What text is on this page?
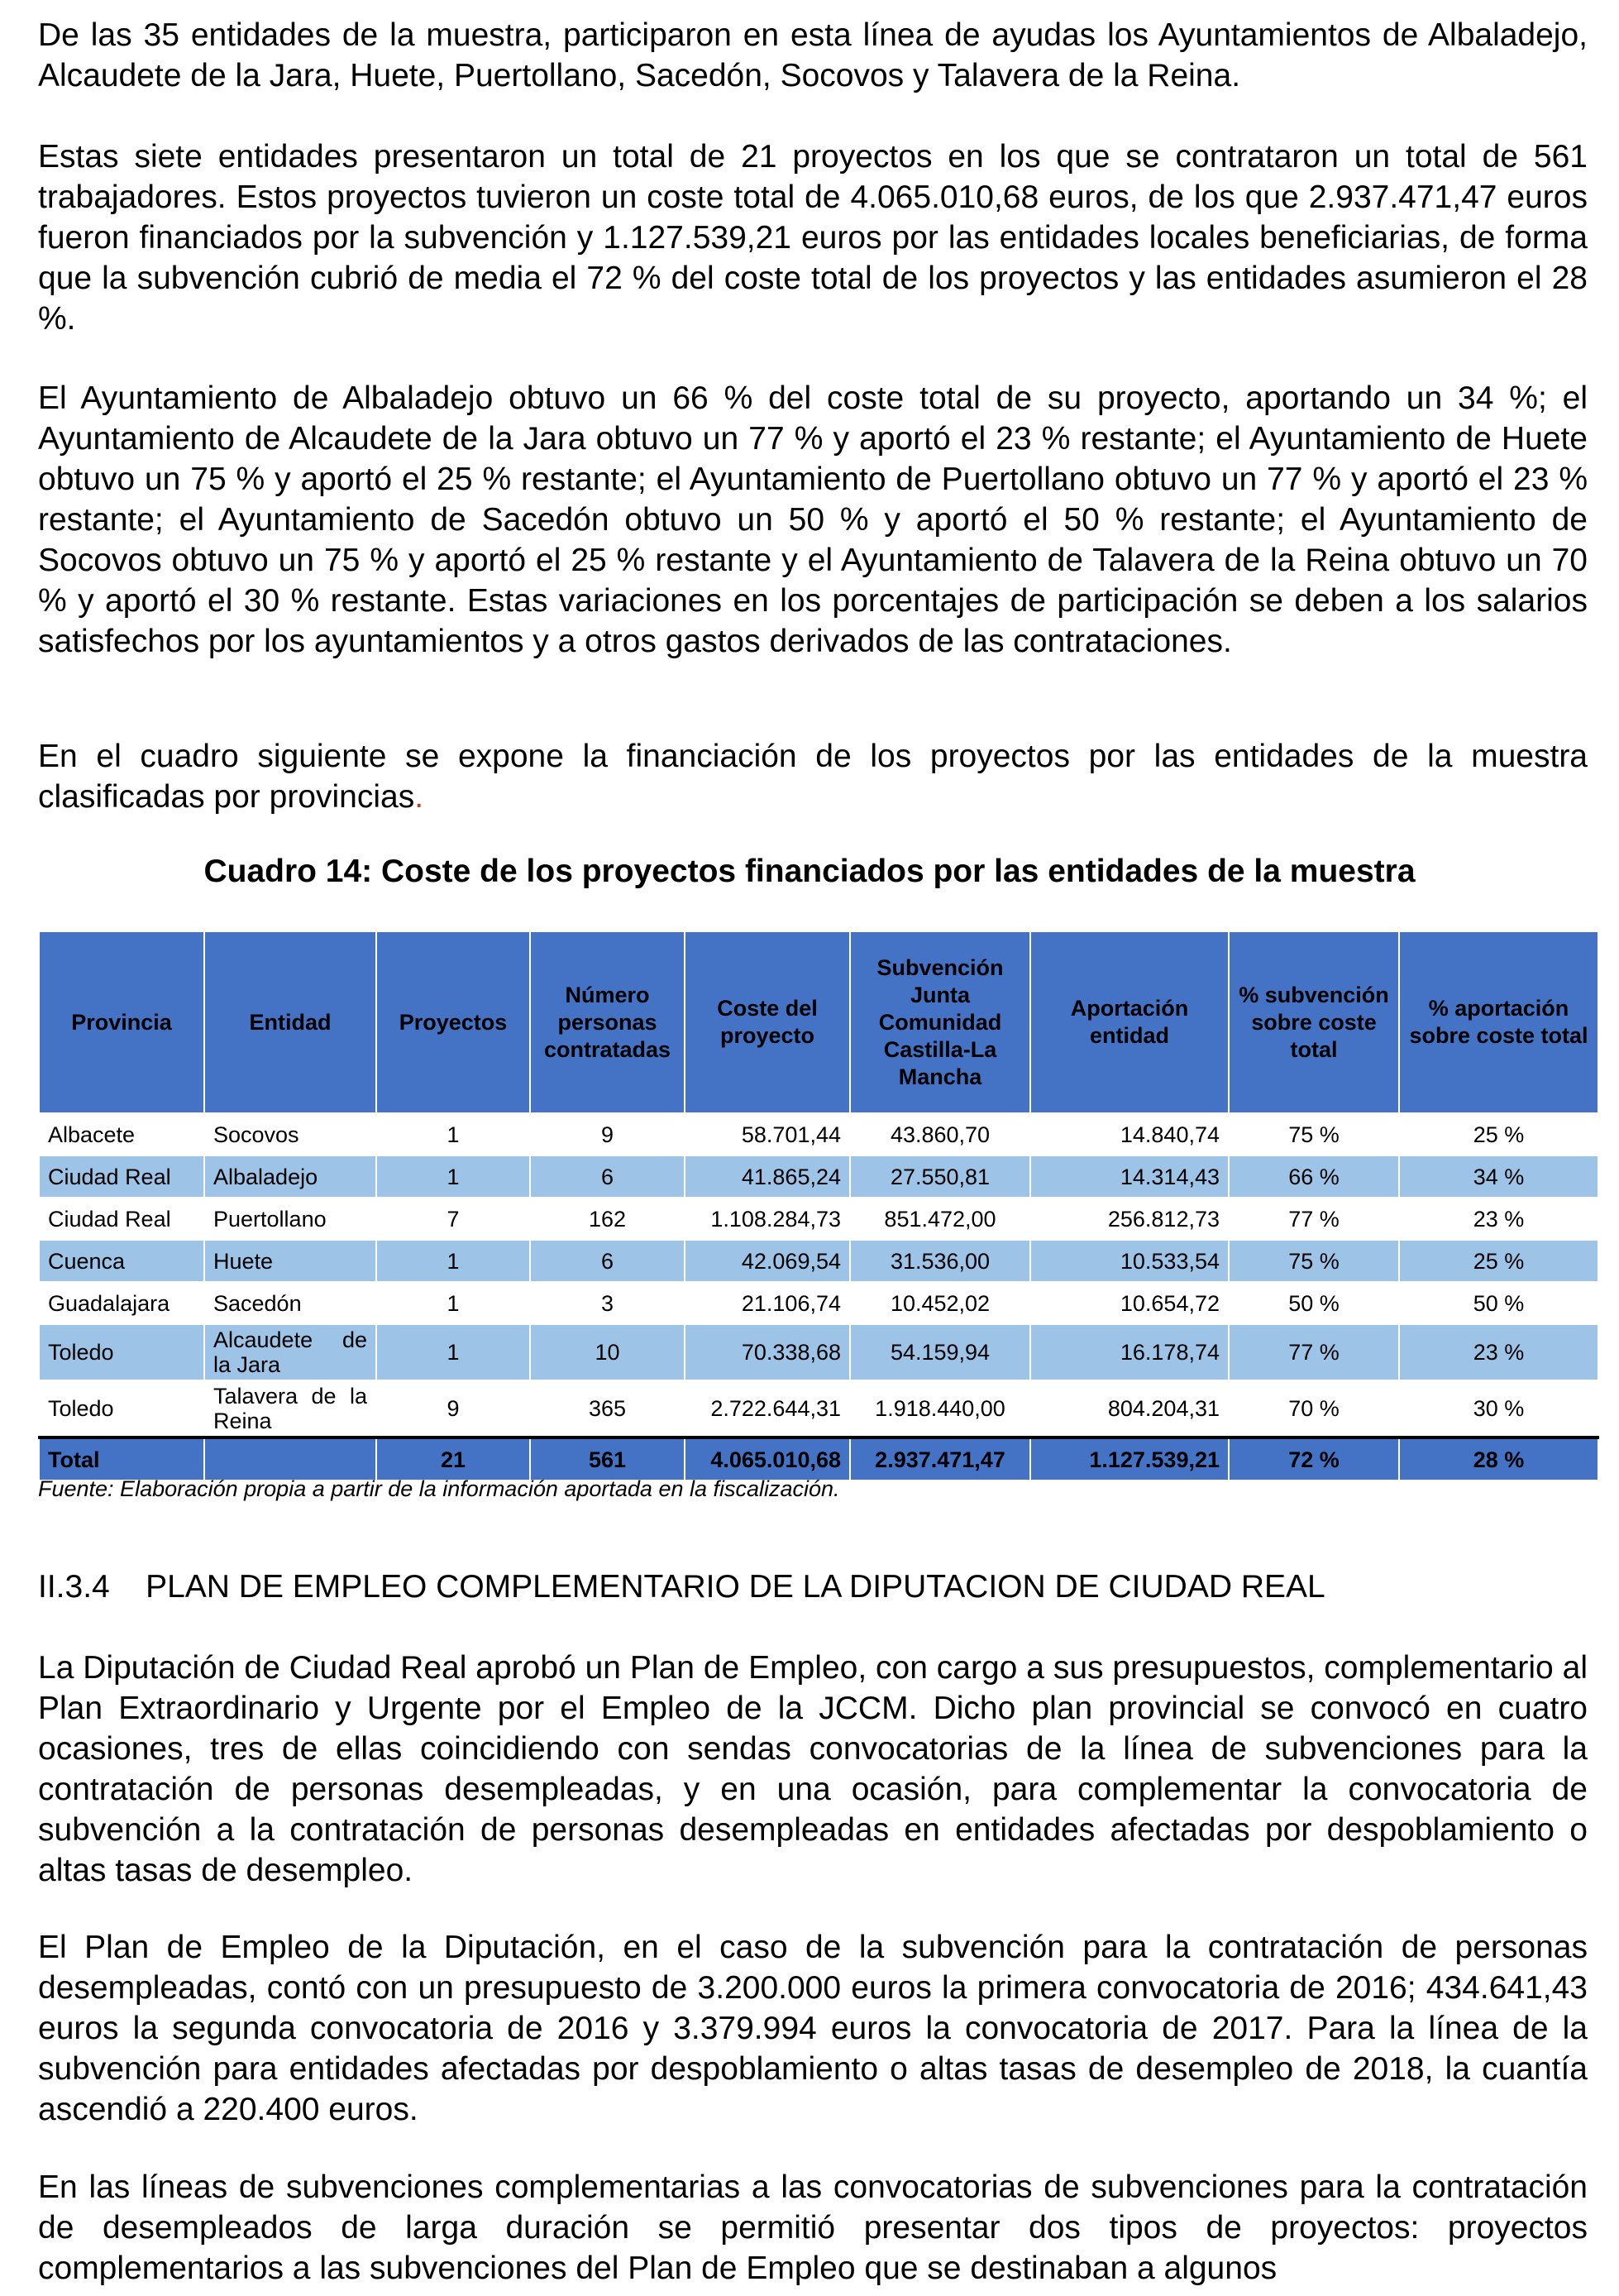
De las 35 entidades de la muestra, participaron en esta línea de ayudas los Ayuntamientos de Albaladejo, Alcaudete de la Jara, Huete, Puertollano, Sacedón, Socovos y Talavera de la Reina.

Estas siete entidades presentaron un total de 21 proyectos en los que se contrataron un total de 561 trabajadores. Estos proyectos tuvieron un coste total de 4.065.010,68 euros, de los que 2.937.471,47 euros fueron financiados por la subvención y 1.127.539,21 euros por las entidades locales beneficiarias, de forma que la subvención cubrió de media el 72 % del coste total de los proyectos y las entidades asumieron el 28 %.

El Ayuntamiento de Albaladejo obtuvo un 66 % del coste total de su proyecto, aportando un 34 %; el Ayuntamiento de Alcaudete de la Jara obtuvo un 77 % y aportó el 23 % restante; el Ayuntamiento de Huete obtuvo un 75 % y aportó el 25 % restante; el Ayuntamiento de Puertollano obtuvo un 77 % y aportó el 23 % restante; el Ayuntamiento de Sacedón obtuvo un 50 % y aportó el 50 % restante; el Ayuntamiento de Socovos obtuvo un 75 % y aportó el 25 % restante y el Ayuntamiento de Talavera de la Reina obtuvo un 70 % y aportó el 30 % restante. Estas variaciones en los porcentajes de participación se deben a los salarios satisfechos por los ayuntamientos y a otros gastos derivados de las contrataciones.

En el cuadro siguiente se expone la financiación de los proyectos por las entidades de la muestra clasificadas por provincias.

Cuadro 14: Coste de los proyectos financiados por las entidades de la muestra

Provincia	Entidad	Proyectos	Número personas contratadas	Coste del proyecto	Subvención Junta Comunidad Castilla-La Mancha	Aportación entidad	% subvención sobre coste total	% aportación sobre coste total
Albacete	Socovos	1	9	58.701,44	43.860,70	14.840,74	75 %	25 %
Ciudad Real	Albaladejo	1	6	41.865,24	27.550,81	14.314,43	66 %	34 %
Ciudad Real	Puertollano	7	162	1.108.284,73	851.472,00	256.812,73	77 %	23 %
Cuenca	Huete	1	6	42.069,54	31.536,00	10.533,54	75 %	25 %
Guadalajara	Sacedón	1	3	21.106,74	10.452,02	10.654,72	50 %	50 %
Toledo	Alcaudete de la Jara	1	10	70.338,68	54.159,94	16.178,74	77 %	23 %
Toledo	Talavera de la Reina	9	365	2.722.644,31	1.918.440,00	804.204,31	70 %	30 %
Total		21	561	4.065.010,68	2.937.471,47	1.127.539,21	72 %	28 %

Fuente: Elaboración propia a partir de la información aportada en la fiscalización.

II.3.4    PLAN DE EMPLEO COMPLEMENTARIO DE LA DIPUTACION DE CIUDAD REAL

La Diputación de Ciudad Real aprobó un Plan de Empleo, con cargo a sus presupuestos, complementario al Plan Extraordinario y Urgente por el Empleo de la JCCM. Dicho plan provincial se convocó en cuatro ocasiones, tres de ellas coincidiendo con sendas convocatorias de la línea de subvenciones para la contratación de personas desempleadas, y en una ocasión, para complementar la convocatoria de subvención a la contratación de personas desempleadas en entidades afectadas por despoblamiento o altas tasas de desempleo.

El Plan de Empleo de la Diputación, en el caso de la subvención para la contratación de personas desempleadas, contó con un presupuesto de 3.200.000 euros la primera convocatoria de 2016; 434.641,43 euros la segunda convocatoria de 2016 y 3.379.994 euros la convocatoria de 2017. Para la línea de la subvención para entidades afectadas por despoblamiento o altas tasas de desempleo de 2018, la cuantía ascendió a 220.400 euros.

En las líneas de subvenciones complementarias a las convocatorias de subvenciones para la contratación de desempleados de larga duración se permitió presentar dos tipos de proyectos: proyectos complementarios a las subvenciones del Plan de Empleo que se destinaban a algunos
